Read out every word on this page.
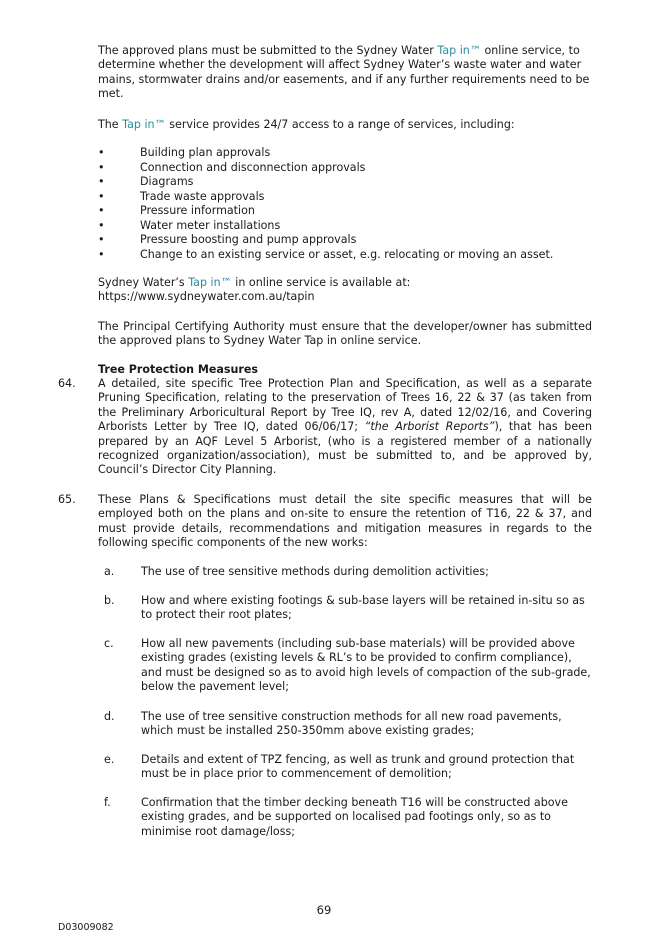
The approved plans must be submitted to the Sydney Water Tap in™ online service, to determine whether the development will affect Sydney Water’s waste water and water mains, stormwater drains and/or easements, and if any further requirements need to be met.

The Tap in™ service provides 24/7 access to a range of services, including:

•	Building plan approvals
•	Connection and disconnection approvals
•	Diagrams
•	Trade waste approvals
•	Pressure information
•	Water meter installations
•	Pressure boosting and pump approvals
•	Change to an existing service or asset, e.g. relocating or moving an asset.

Sydney Water’s Tap in™ in online service is available at:
https://www.sydneywater.com.au/tapin

The Principal Certifying Authority must ensure that the developer/owner has submitted the approved plans to Sydney Water Tap in online service.

Tree Protection Measures

64. A detailed, site specific Tree Protection Plan and Specification, as well as a separate Pruning Specification, relating to the preservation of Trees 16, 22 & 37 (as taken from the Preliminary Arboricultural Report by Tree IQ, rev A, dated 12/02/16, and Covering Arborists Letter by Tree IQ, dated 06/06/17; “the Arborist Reports”), that has been prepared by an AQF Level 5 Arborist, (who is a registered member of a nationally recognized organization/association), must be submitted to, and be approved by, Council’s Director City Planning.

65. These Plans & Specifications must detail the site specific measures that will be employed both on the plans and on-site to ensure the retention of T16, 22 & 37, and must provide details, recommendations and mitigation measures in regards to the following specific components of the new works:

a. The use of tree sensitive methods during demolition activities;

b. How and where existing footings & sub-base layers will be retained in-situ so as to protect their root plates;

c. How all new pavements (including sub-base materials) will be provided above existing grades (existing levels & RL’s to be provided to confirm compliance), and must be designed so as to avoid high levels of compaction of the sub-grade, below the pavement level;

d. The use of tree sensitive construction methods for all new road pavements, which must be installed 250-350mm above existing grades;

e. Details and extent of TPZ fencing, as well as trunk and ground protection that must be in place prior to commencement of demolition;

f.	Confirmation that the timber decking beneath T16 will be constructed above existing grades, and be supported on localised pad footings only, so as to minimise root damage/loss;

69
D03009082
